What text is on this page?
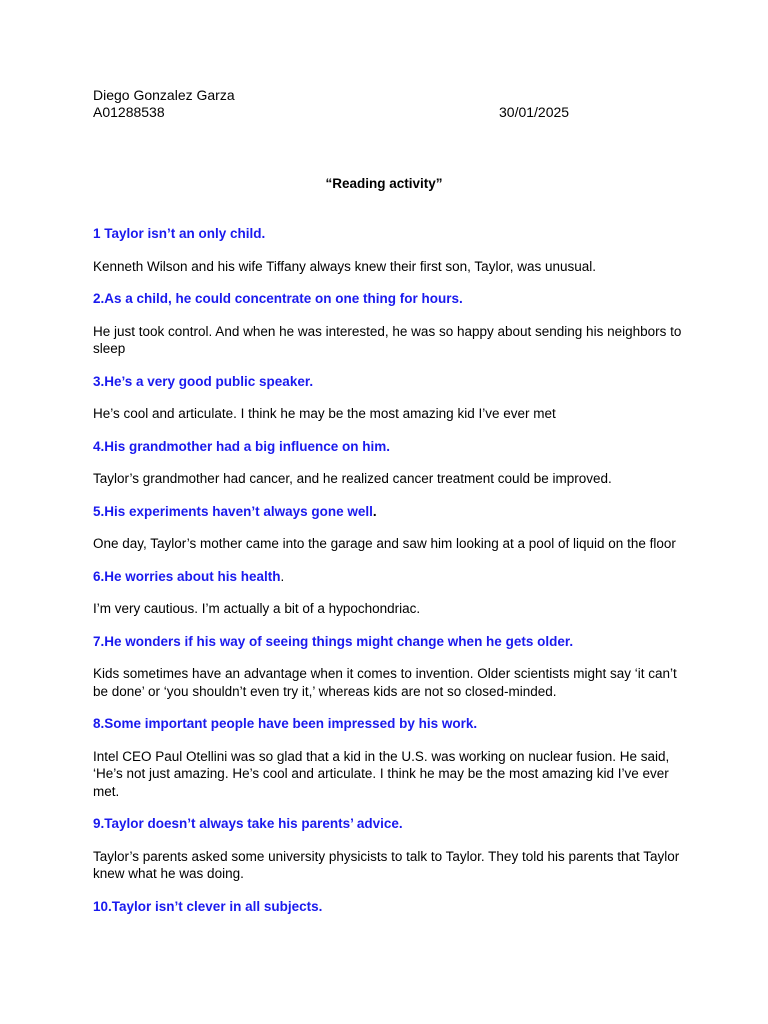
Diego Gonzalez Garza
A01288538	30/01/2025
“Reading activity”

1 Taylor isn’t an only child.

Kenneth Wilson and his wife Tiffany always knew their first son, Taylor, was unusual.

2.As a child, he could concentrate on one thing for hours.

He just took control. And when he was interested, he was so happy about sending his neighbors to sleep

3.He’s a very good public speaker.

He’s cool and articulate. I think he may be the most amazing kid I’ve ever met

4.His grandmother had a big influence on him.

Taylor’s grandmother had cancer, and he realized cancer treatment could be improved.

5.His experiments haven’t always gone well.

One day, Taylor’s mother came into the garage and saw him looking at a pool of liquid on the floor

6.He worries about his health.

I’m very cautious. I’m actually a bit of a hypochondriac.

7.He wonders if his way of seeing things might change when he gets older.

Kids sometimes have an advantage when it comes to invention. Older scientists might say ‘it can’t be done’ or ‘you shouldn’t even try it,’ whereas kids are not so closed-minded.

8.Some important people have been impressed by his work.

Intel CEO Paul Otellini was so glad that a kid in the U.S. was working on nuclear fusion. He said, ‘He’s not just amazing. He’s cool and articulate. I think he may be the most amazing kid I’ve ever met.

9.Taylor doesn’t always take his parents’ advice.

Taylor’s parents asked some university physicists to talk to Taylor. They told his parents that Taylor knew what he was doing.

10.Taylor isn’t clever in all subjects.
